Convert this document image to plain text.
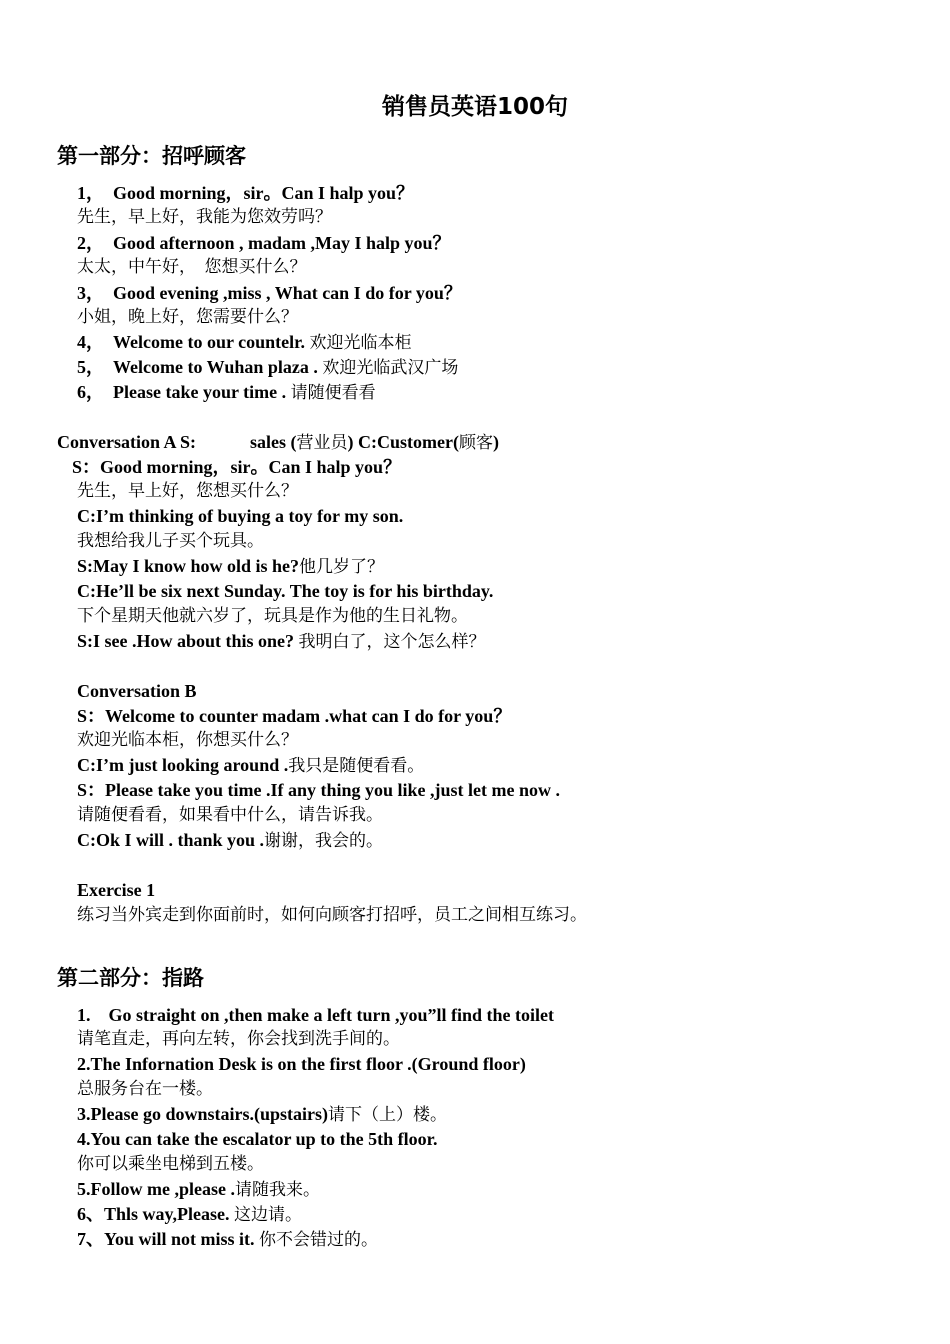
销售员英语100句
第一部分：招呼顾客
1，　Good morning，sir。Can I halp you？
先生，早上好，我能为您效劳吗？
2，　Good afternoon , madam ,May I halp you？
太太，中午好，　您想买什么？
3，　Good evening ,miss , What can I do for you？
小姐，晚上好，您需要什么？
4，　Welcome to our countelr. 欢迎光临本柜
5，　Welcome to Wuhan plaza . 欢迎光临武汉广场
6，　Please take your time . 请随便看看
Conversation A S:　　　sales (营业员) C:Customer(顾客)
S：Good morning，sir。Can I halp you？
先生，早上好，您想买什么？
C:I’m thinking of buying a toy for my son.
我想给我儿子买个玩具。
S:May I know how old is he?他几岁了？
C:He’ll be six next Sunday. The toy is for his birthday.
下个星期天他就六岁了，玩具是作为他的生日礼物。
S:I see .How about this one? 我明白了，这个怎么样？
Conversation B
S：Welcome to counter madam .what can I do for you？
欢迎光临本柜，你想买什么？
C:I’m just looking around .我只是随便看看。
S：Please take you time .If any thing you like ,just let me now .
请随便看看，如果看中什么，请告诉我。
C:Ok I will . thank you .谢谢，我会的。
Exercise 1
练习当外宾走到你面前时，如何向顾客打招呼，员工之间相互练习。
第二部分：指路
1.　Go straight on ,then make a left turn ,you”ll find the toilet
请笔直走，再向左转，你会找到洗手间的。
2.The Infornation Desk is on the first floor .(Ground floor)
总服务台在一楼。
3.Please go downstairs.(upstairs)请下（上）楼。
4.You can take the escalator up to the 5th floor.
你可以乘坐电梯到五楼。
5.Follow me ,please .请随我来。
6、Thls way,Please. 这边请。
7、You will not miss it. 你不会错过的。
